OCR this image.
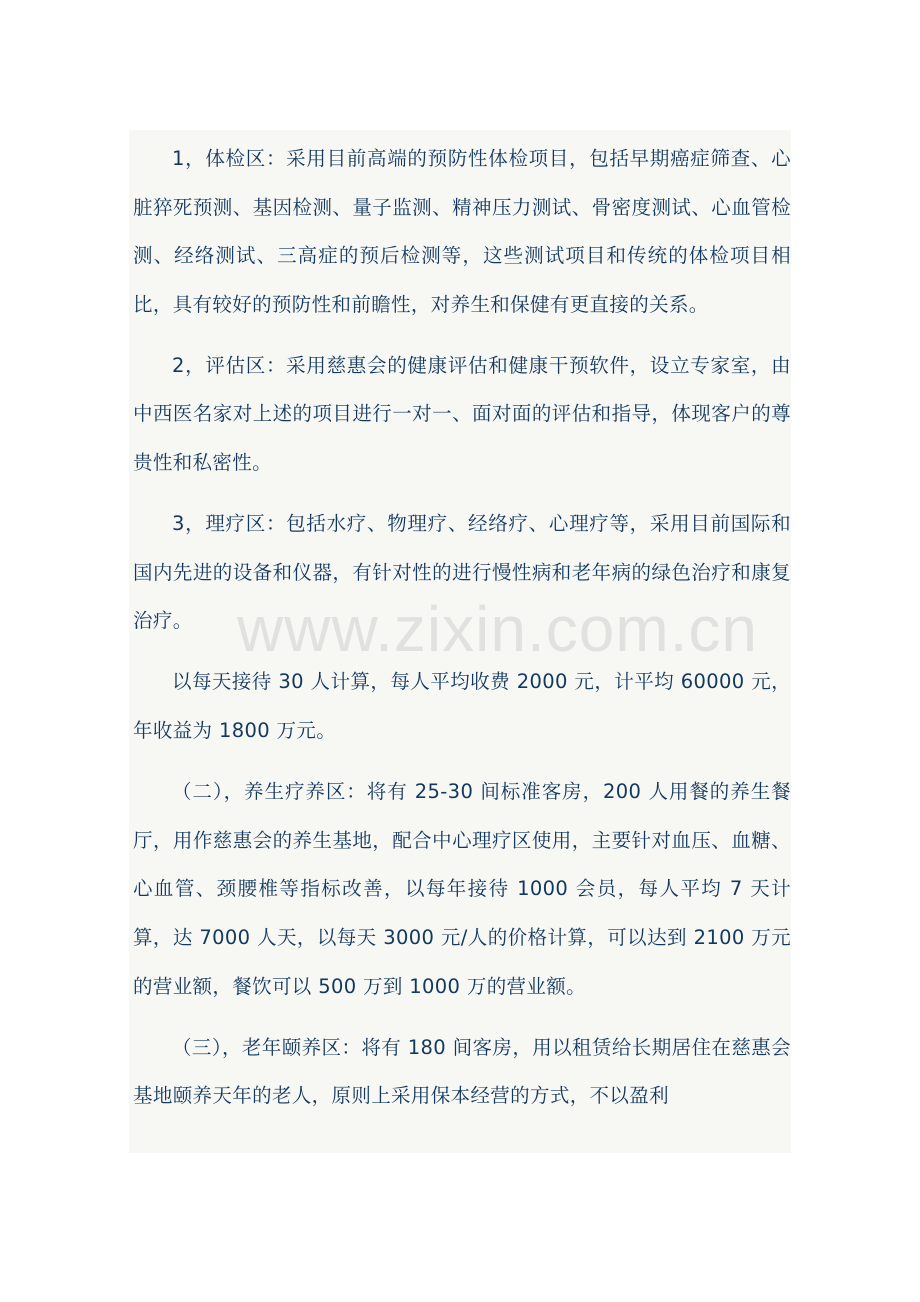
1，体检区：采用目前高端的预防性体检项目，包括早期癌症筛查、心脏猝死预测、基因检测、量子监测、精神压力测试、骨密度测试、心血管检测、经络测试、三高症的预后检测等，这些测试项目和传统的体检项目相比，具有较好的预防性和前瞻性，对养生和保健有更直接的关系。

2，评估区：采用慈惠会的健康评估和健康干预软件，设立专家室，由中西医名家对上述的项目进行一对一、面对面的评估和指导，体现客户的尊贵性和私密性。

3，理疗区：包括水疗、物理疗、经络疗、心理疗等，采用目前国际和国内先进的设备和仪器，有针对性的进行慢性病和老年病的绿色治疗和康复治疗。

以每天接待 30 人计算，每人平均收费 2000 元，计平均 60000 元，年收益为 1800 万元。

（二），养生疗养区：将有 25-30 间标准客房，200 人用餐的养生餐厅，用作慈惠会的养生基地，配合中心理疗区使用，主要针对血压、血糖、心血管、颈腰椎等指标改善，以每年接待 1000 会员，每人平均 7 天计算，达 7000 人天，以每天 3000 元/人的价格计算，可以达到 2100 万元的营业额，餐饮可以 500 万到 1000 万的营业额。

（三），老年颐养区：将有 180 间客房，用以租赁给长期居住在慈惠会基地颐养天年的老人，原则上采用保本经营的方式，不以盈利

www.zixin.com.cn
